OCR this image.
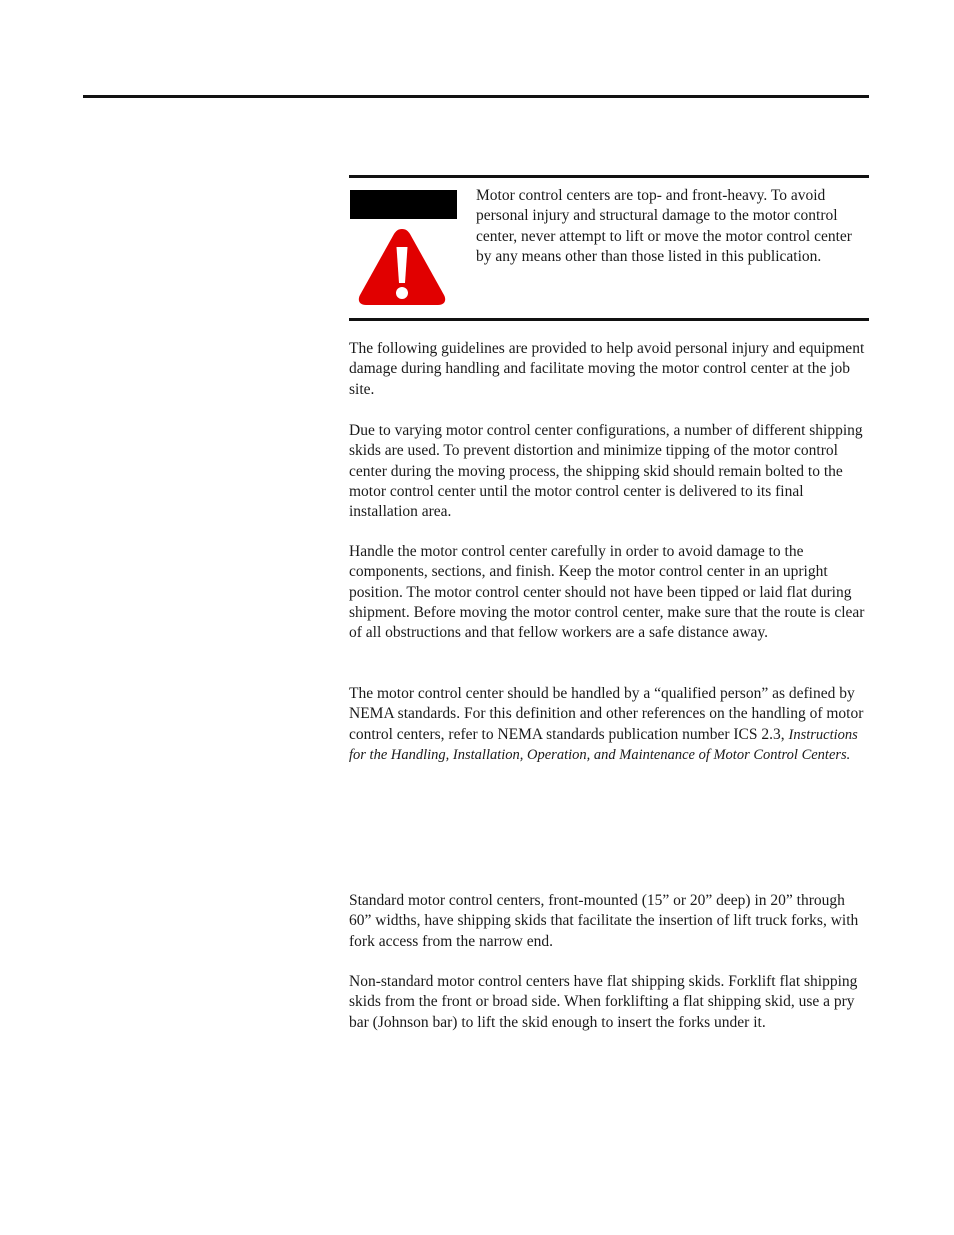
Motor control centers are top- and front-heavy. To avoid personal injury and structural damage to the motor control center, never attempt to lift or move the motor control center by any means other than those listed in this publication.

The following guidelines are provided to help avoid personal injury and equipment damage during handling and facilitate moving the motor control center at the job site.

Due to varying motor control center configurations, a number of different shipping skids are used. To prevent distortion and minimize tipping of the motor control center during the moving process, the shipping skid should remain bolted to the motor control center until the motor control center is delivered to its final installation area.

Handle the motor control center carefully in order to avoid damage to the components, sections, and finish. Keep the motor control center in an upright position. The motor control center should not have been tipped or laid flat during shipment. Before moving the motor control center, make sure that the route is clear of all obstructions and that fellow workers are a safe distance away.

The motor control center should be handled by a “qualified person” as defined by NEMA standards. For this definition and other references on the handling of motor control centers, refer to NEMA standards publication number ICS 2.3, Instructions for the Handling, Installation, Operation, and Maintenance of Motor Control Centers.

Standard motor control centers, front-mounted (15” or 20” deep) in 20” through 60” widths, have shipping skids that facilitate the insertion of lift truck forks, with fork access from the narrow end.

Non-standard motor control centers have flat shipping skids. Forklift flat shipping skids from the front or broad side. When forklifting a flat shipping skid, use a pry bar (Johnson bar) to lift the skid enough to insert the forks under it.
